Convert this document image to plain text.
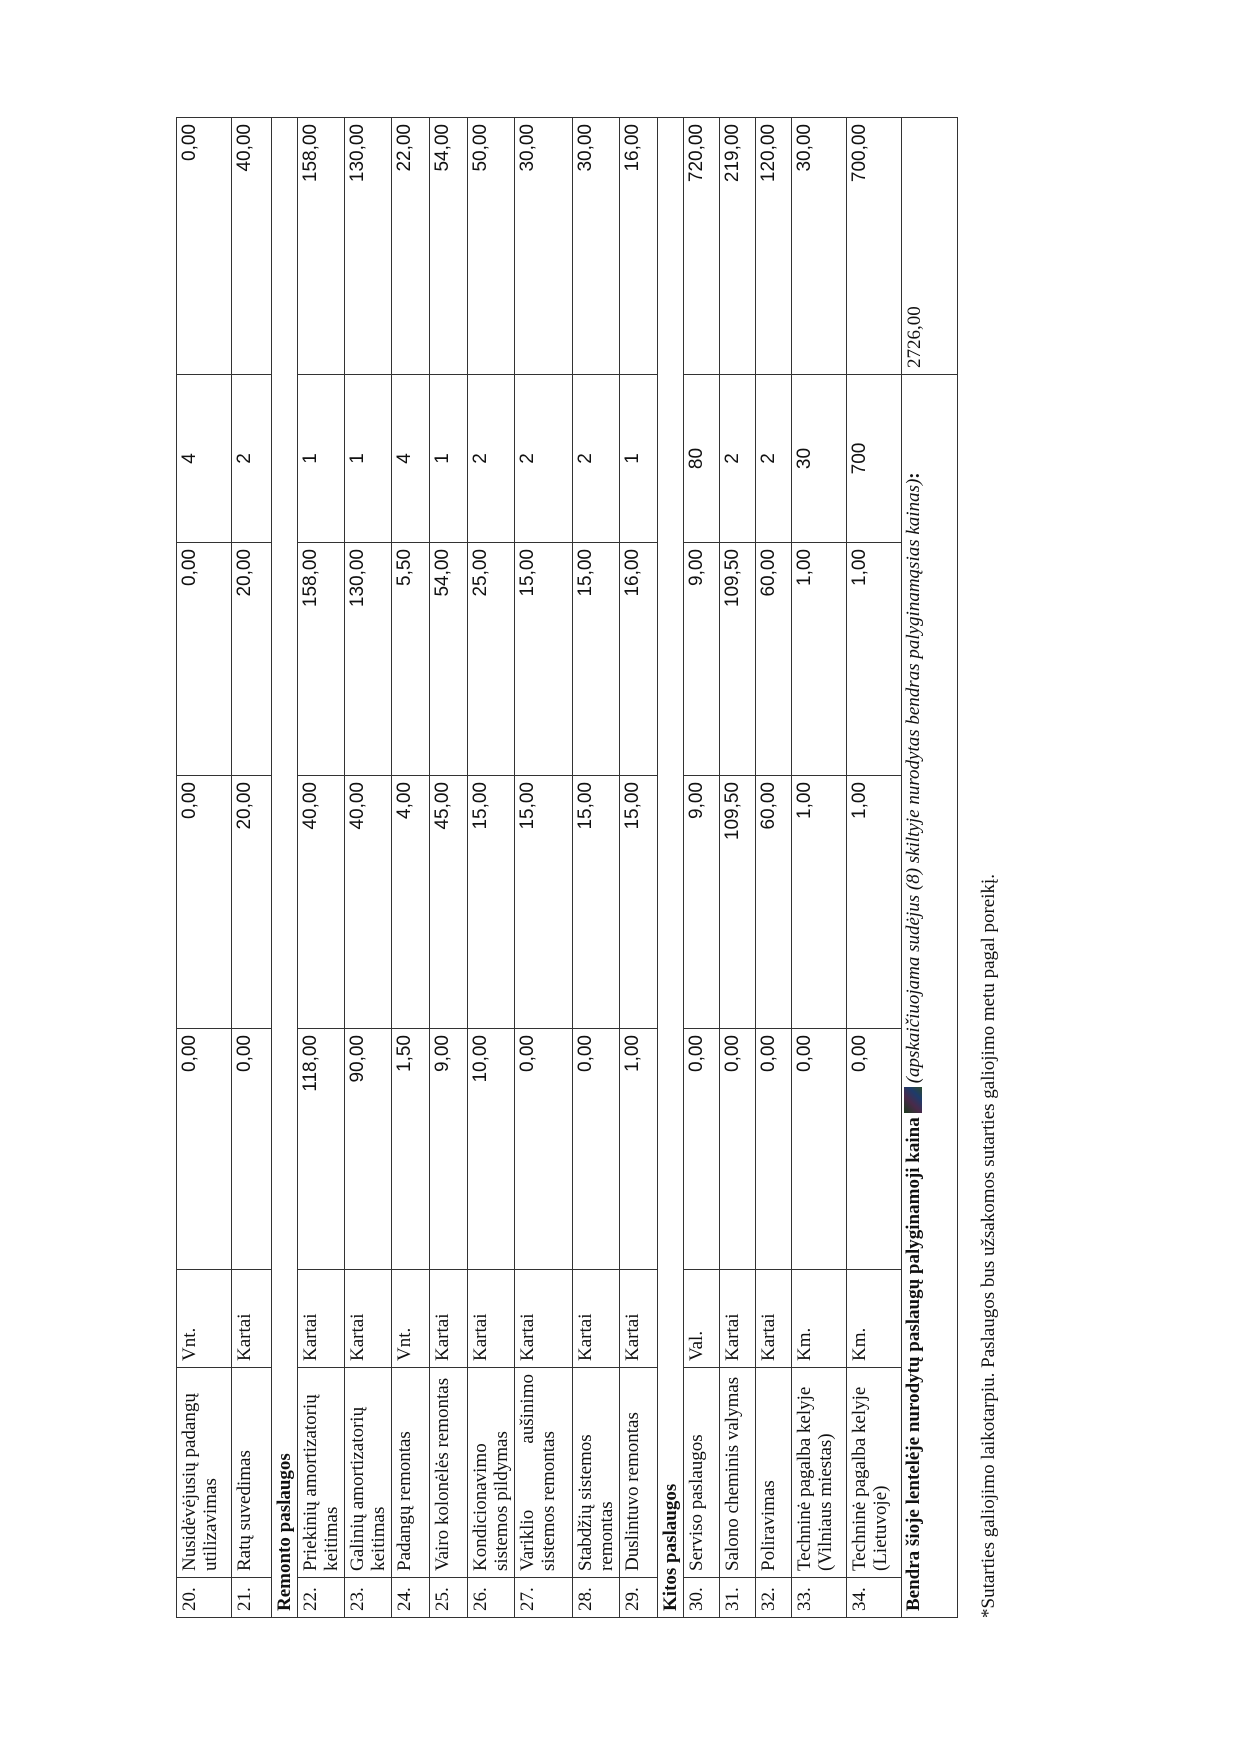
20.	Nusidėvėjusių padangų utilizavimas	Vnt.	0,00	0,00	0,00	4	0,00
21.	Ratų suvedimas	Kartai	0,00	20,00	20,00	2	40,00
Remonto paslaugos							
22.	Priekinių amortizatorių keitimas	Kartai	118,00	40,00	158,00	1	158,00
23.	Galinių amortizatorių keitimas	Kartai	90,00	40,00	130,00	1	130,00
24.	Padangų remontas	Vnt.	1,50	4,00	5,50	4	22,00
25.	Vairo kolonėlės remontas	Kartai	9,00	45,00	54,00	1	54,00
26.	Kondicionavimo sistemos pildymas	Kartai	10,00	15,00	25,00	2	50,00
27.	Variklio aušinimo sistemos remontas	Kartai	0,00	15,00	15,00	2	30,00
28.	Stabdžių sistemos remontas	Kartai	0,00	15,00	15,00	2	30,00
29.	Duslintuvo remontas	Kartai	1,00	15,00	16,00	1	16,00
Kitos paslaugos							
30.	Serviso paslaugos	Val.	0,00	9,00	9,00	80	720,00
31.	Salono cheminis valymas	Kartai	0,00	109,50	109,50	2	219,00
32.	Poliravimas	Kartai	0,00	60,00	60,00	2	120,00
33.	Techninė pagalba kelyje (Vilniaus miestas)	Km.	0,00	1,00	1,00	30	30,00
34.	Techninė pagalba kelyje (Lietuvoje)	Km.	0,00	1,00	1,00	700	700,00
Bendra šioje lentelėje nurodytų paslaugų palyginamoji kaina(apskaičiuojama sudėjus (8) skiltyje nurodytas bendras palyginamąsias kainas):							2726,00
*Sutarties galiojimo laikotarpiu. Paslaugos bus užsakomos sutarties galiojimo metu pagal poreikį.
